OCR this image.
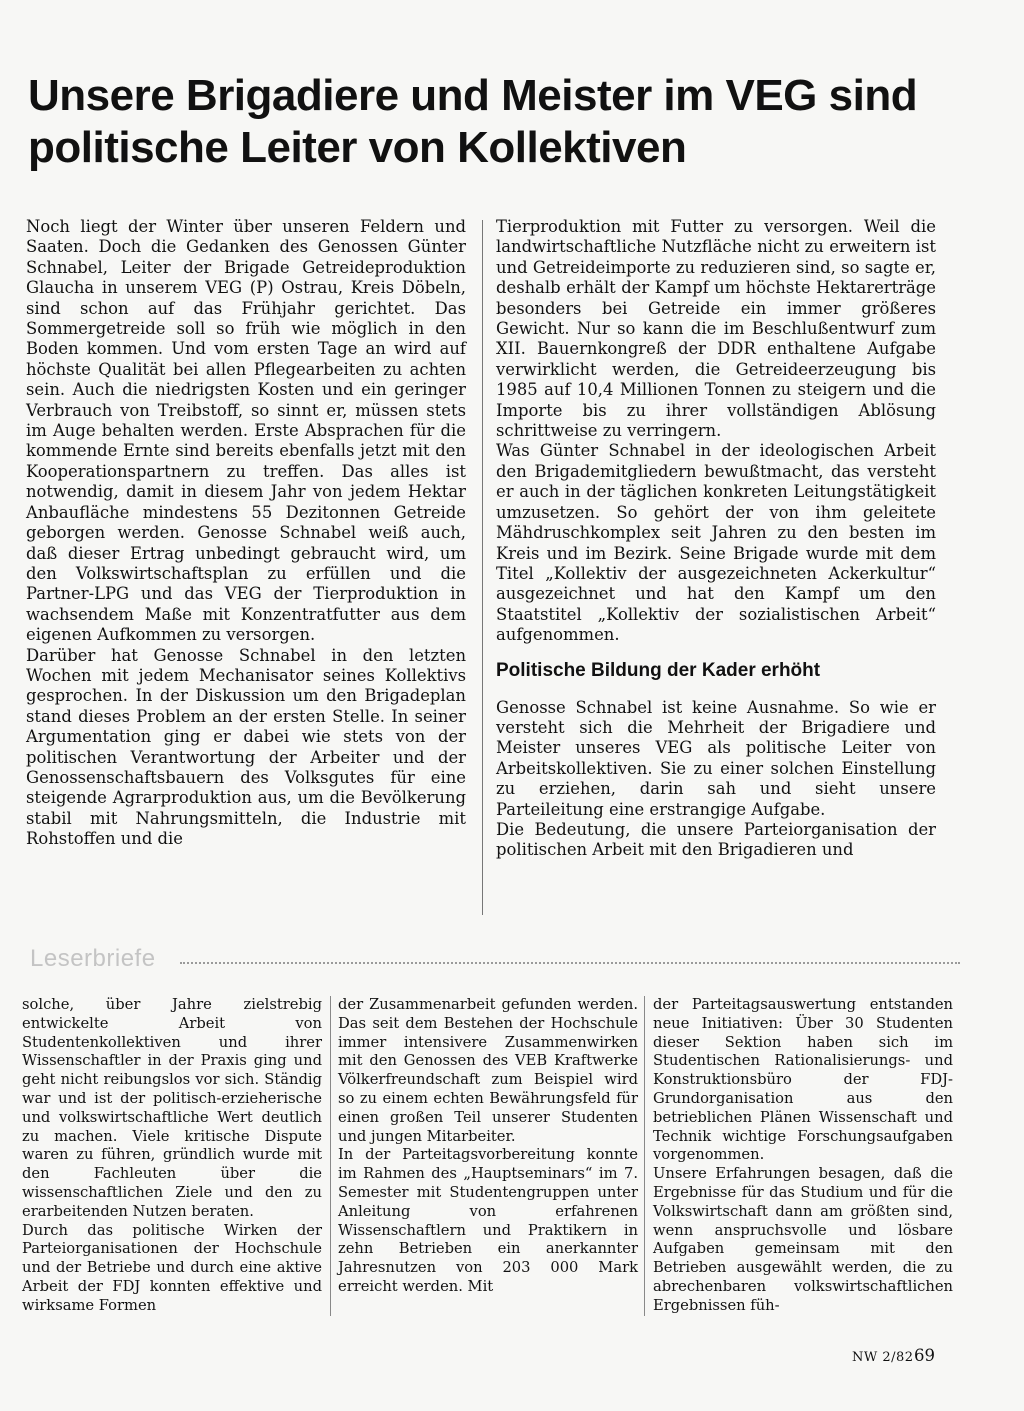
Unsere Brigadiere und Meister im VEG sind politische Leiter von Kollektiven

Noch liegt der Winter über unseren Feldern und Saaten. Doch die Gedanken des Genossen Günter Schnabel, Leiter der Brigade Getreideproduktion Glaucha in unserem VEG (P) Ostrau, Kreis Döbeln, sind schon auf das Frühjahr gerichtet. Das Sommergetreide soll so früh wie möglich in den Boden kommen. Und vom ersten Tage an wird auf höchste Qualität bei allen Pflegearbeiten zu achten sein. Auch die niedrigsten Kosten und ein geringer Verbrauch von Treibstoff, so sinnt er, müssen stets im Auge behalten werden. Erste Absprachen für die kommende Ernte sind bereits ebenfalls jetzt mit den Kooperationspartnern zu treffen. Das alles ist notwendig, damit in diesem Jahr von jedem Hektar Anbaufläche mindestens 55 Dezitonnen Getreide geborgen werden. Genosse Schnabel weiß auch, daß dieser Ertrag unbedingt gebraucht wird, um den Volkswirtschaftsplan zu erfüllen und die Partner-LPG und das VEG der Tierproduktion in wachsendem Maße mit Konzentratfutter aus dem eigenen Aufkommen zu versorgen.

Darüber hat Genosse Schnabel in den letzten Wochen mit jedem Mechanisator seines Kollektivs gesprochen. In der Diskussion um den Brigadeplan stand dieses Problem an der ersten Stelle. In seiner Argumentation ging er dabei wie stets von der politischen Verantwortung der Arbeiter und der Genossenschaftsbauern des Volksgutes für eine steigende Agrarproduktion aus, um die Bevölkerung stabil mit Nahrungsmitteln, die Industrie mit Rohstoffen und die

Tierproduktion mit Futter zu versorgen. Weil die landwirtschaftliche Nutzfläche nicht zu erweitern ist und Getreideimporte zu reduzieren sind, so sagte er, deshalb erhält der Kampf um höchste Hektarerträge besonders bei Getreide ein immer größeres Gewicht. Nur so kann die im Beschlußentwurf zum XII. Bauernkongreß der DDR enthaltene Aufgabe verwirklicht werden, die Getreideerzeugung bis 1985 auf 10,4 Millionen Tonnen zu steigern und die Importe bis zu ihrer vollständigen Ablösung schrittweise zu verringern.

Was Günter Schnabel in der ideologischen Arbeit den Brigademitgliedern bewußtmacht, das versteht er auch in der täglichen konkreten Leitungstätigkeit umzusetzen. So gehört der von ihm geleitete Mähdruschkomplex seit Jahren zu den besten im Kreis und im Bezirk. Seine Brigade wurde mit dem Titel „Kollektiv der ausgezeichneten Ackerkultur“ ausgezeichnet und hat den Kampf um den Staatstitel „Kollektiv der sozialistischen Arbeit“ aufgenommen.

Politische Bildung der Kader erhöht

Genosse Schnabel ist keine Ausnahme. So wie er versteht sich die Mehrheit der Brigadiere und Meister unseres VEG als politische Leiter von Arbeitskollektiven. Sie zu einer solchen Einstellung zu erziehen, darin sah und sieht unsere Parteileitung eine erstrangige Aufgabe.

Die Bedeutung, die unsere Parteiorganisation der politischen Arbeit mit den Brigadieren und

Leserbriefe

solche, über Jahre zielstrebig entwickelte Arbeit von Studentenkollektiven und ihrer Wissenschaftler in der Praxis ging und geht nicht reibungslos vor sich. Ständig war und ist der politisch-erzieherische und volkswirtschaftliche Wert deutlich zu machen. Viele kritische Dispute waren zu führen, gründlich wurde mit den Fachleuten über die wissenschaftlichen Ziele und den zu erarbeitenden Nutzen beraten.

Durch das politische Wirken der Parteiorganisationen der Hochschule und der Betriebe und durch eine aktive Arbeit der FDJ konnten effektive und wirksame Formen

der Zusammenarbeit gefunden werden. Das seit dem Bestehen der Hochschule immer intensivere Zusammenwirken mit den Genossen des VEB Kraftwerke Völkerfreundschaft zum Beispiel wird so zu einem echten Bewährungsfeld für einen großen Teil unserer Studenten und jungen Mitarbeiter.

In der Parteitagsvorbereitung konnte im Rahmen des „Hauptseminars“ im 7. Semester mit Studentengruppen unter Anleitung von erfahrenen Wissenschaftlern und Praktikern in zehn Betrieben ein anerkannter Jahresnutzen von 203 000 Mark erreicht werden. Mit

der Parteitagsauswertung entstanden neue Initiativen: Über 30 Studenten dieser Sektion haben sich im Studentischen Rationalisierungs- und Konstruktionsbüro der FDJ-Grundorganisation aus den betrieblichen Plänen Wissenschaft und Technik wichtige Forschungsaufgaben vorgenommen.

Unsere Erfahrungen besagen, daß die Ergebnisse für das Studium und für die Volkswirtschaft dann am größten sind, wenn anspruchsvolle und lösbare Aufgaben gemeinsam mit den Betrieben ausgewählt werden, die zu abrechenbaren volkswirtschaftlichen Ergebnissen füh-

NW 2/82 69
